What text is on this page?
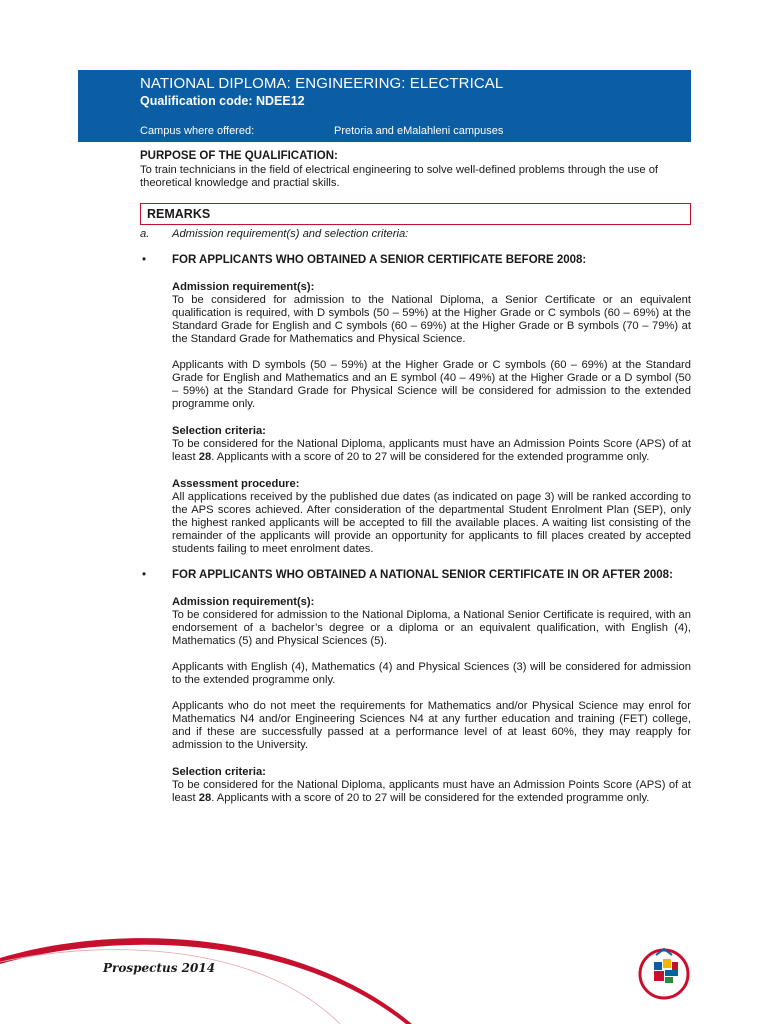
NATIONAL DIPLOMA: ENGINEERING: ELECTRICAL
Qualification code: NDEE12
Campus where offered:	Pretoria and eMalahleni campuses

PURPOSE OF THE QUALIFICATION:

To train technicians in the field of electrical engineering to solve well-defined problems through the use of theoretical knowledge and practial skills.

REMARKS
a. Admission requirement(s) and selection criteria:
• FOR APPLICANTS WHO OBTAINED A SENIOR CERTIFICATE BEFORE 2008:
Admission requirement(s):

To be considered for admission to the National Diploma, a Senior Certificate or an equivalent qualification is required, with D symbols (50 – 59%) at the Higher Grade or C symbols (60 – 69%) at the Standard Grade for English and C symbols (60 – 69%) at the Higher Grade or B symbols (70 – 79%) at the Standard Grade for Mathematics and Physical Science.

Applicants with D symbols (50 – 59%) at the Higher Grade or C symbols (60 – 69%) at the Standard Grade for English and Mathematics and an E symbol (40 – 49%) at the Higher Grade or a D symbol (50 – 59%) at the Standard Grade for Physical Science will be considered for admission to the extended programme only.

Selection criteria:

To be considered for the National Diploma, applicants must have an Admission Points Score (APS) of at least 28. Applicants with a score of 20 to 27 will be considered for the extended programme only.

Assessment procedure:

All applications received by the published due dates (as indicated on page 3) will be ranked according to the APS scores achieved. After consideration of the departmental Student Enrolment Plan (SEP), only the highest ranked applicants will be accepted to fill the available places. A waiting list consisting of the remainder of the applicants will provide an opportunity for applicants to fill places created by accepted students failing to meet enrolment dates.

• FOR APPLICANTS WHO OBTAINED A NATIONAL SENIOR CERTIFICATE IN OR AFTER 2008:
Admission requirement(s):

To be considered for admission to the National Diploma, a National Senior Certificate is required, with an endorsement of a bachelor’s degree or a diploma or an equivalent qualification, with English (4), Mathematics (5) and Physical Sciences (5).

Applicants with English (4), Mathematics (4) and Physical Sciences (3) will be considered for admission to the extended programme only.

Applicants who do not meet the requirements for Mathematics and/or Physical Science may enrol for Mathematics N4 and/or Engineering Sciences N4 at any further education and training (FET) college, and if these are successfully passed at a performance level of at least 60%, they may reapply for admission to the University.

Selection criteria:

To be considered for the National Diploma, applicants must have an Admission Points Score (APS) of at least 28. Applicants with a score of 20 to 27 will be considered for the extended programme only.

Prospectus 2014
